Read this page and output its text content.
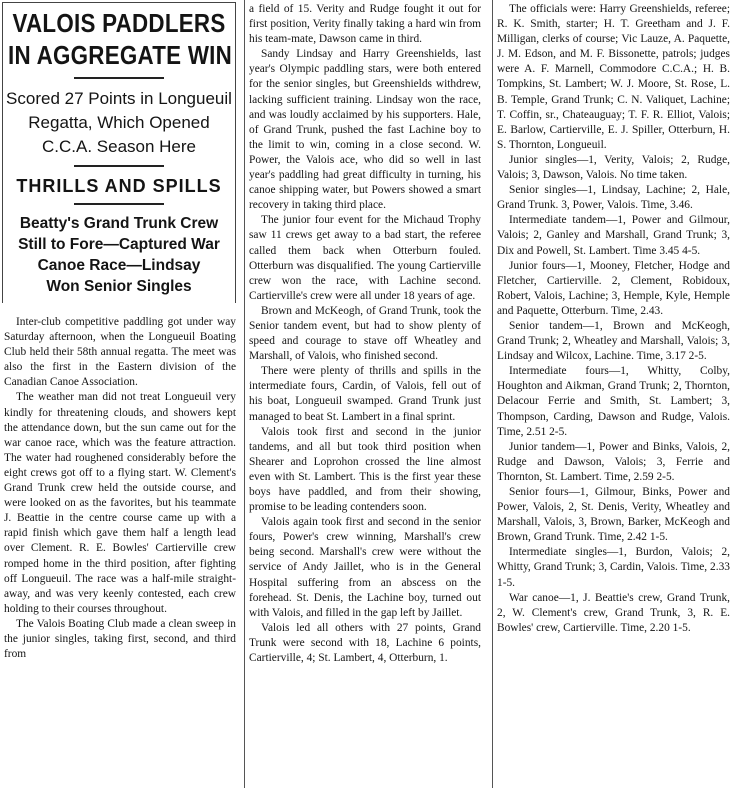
VALOIS PADDLERS
IN AGGREGATE WIN
Scored 27 Points in Longueuil
Regatta, Which Opened
C.C.A. Season Here
THRILLS AND SPILLS
Beatty's Grand Trunk Crew
Still to Fore—Captured War
Canoe Race—Lindsay
Won Senior Singles

Inter-club competitive paddling got under way Saturday afternoon, when the Longueuil Boating Club held their 58th annual regatta. The meet was also the first in the Eastern division of the Canadian Canoe Association.

The weather man did not treat Longueuil very kindly for threatening clouds, and showers kept the attendance down, but the sun came out for the war canoe race, which was the feature attraction. The water had roughened considerably before the eight crews got off to a flying start. W. Clement's Grand Trunk crew held the outside course, and were looked on as the favorites, but his teammate J. Beattie in the centre course came up with a rapid finish which gave them half a length lead over Clement. R. E. Bowles' Cartierville crew romped home in the third position, after fighting off Longueuil. The race was a half-mile straight-away, and was very keenly contested, each crew holding to their courses throughout.

The Valois Boating Club made a clean sweep in the junior singles, taking first, second, and third from

a field of 15. Verity and Rudge fought it out for first position, Verity finally taking a hard win from his team-mate, Dawson came in third.

Sandy Lindsay and Harry Greenshields, last year's Olympic paddling stars, were both entered for the senior singles, but Greenshields withdrew, lacking sufficient training. Lindsay won the race, and was loudly acclaimed by his supporters. Hale, of Grand Trunk, pushed the fast Lachine boy to the limit to win, coming in a close second. W. Power, the Valois ace, who did so well in last year's paddling had great difficulty in turning, his canoe shipping water, but Powers showed a smart recovery in taking third place.

The junior four event for the Michaud Trophy saw 11 crews get away to a bad start, the referee called them back when Otterburn fouled. Otterburn was disqualified. The young Cartierville crew won the race, with Lachine second. Cartierville's crew were all under 18 years of age.

Brown and McKeogh, of Grand Trunk, took the Senior tandem event, but had to show plenty of speed and courage to stave off Wheatley and Marshall, of Valois, who finished second.

There were plenty of thrills and spills in the intermediate fours, Cardin, of Valois, fell out of his boat, Longueuil swamped. Grand Trunk just managed to beat St. Lambert in a final sprint.

Valois took first and second in the junior tandems, and all but took third position when Shearer and Loprohon crossed the line almost even with St. Lambert. This is the first year these boys have paddled, and from their showing, promise to be leading contenders soon.

Valois again took first and second in the senior fours, Power's crew winning, Marshall's crew being second. Marshall's crew were without the service of Andy Jaillet, who is in the General Hospital suffering from an abscess on the forehead. St. Denis, the Lachine boy, turned out with Valois, and filled in the gap left by Jaillet.

Valois led all others with 27 points, Grand Trunk were second with 18, Lachine 6 points, Cartierville, 4; St. Lambert, 4, Otterburn, 1.

The officials were: Harry Greenshields, referee; R. K. Smith, starter; H. T. Greetham and J. F. Milligan, clerks of course; Vic Lauze, A. Paquette, J. M. Edson, and M. F. Bissonette, patrols; judges were A. F. Marnell, Commodore C.C.A.; H. B. Tompkins, St. Lambert; W. J. Moore, St. Rose, L. B. Temple, Grand Trunk; C. N. Valiquet, Lachine; T. Coffin, sr., Chateauguay; T. F. R. Elliot, Valois; E. Barlow, Cartierville, E. J. Spiller, Otterburn, H. S. Thornton, Longueuil.

Junior singles—1, Verity, Valois; 2, Rudge, Valois; 3, Dawson, Valois. No time taken.

Senior singles—1, Lindsay, Lachine; 2, Hale, Grand Trunk. 3, Power, Valois. Time, 3.46.

Intermediate tandem—1, Power and Gilmour, Valois; 2, Ganley and Marshall, Grand Trunk; 3, Dix and Powell, St. Lambert. Time 3.45 4-5.

Junior fours—1, Mooney, Fletcher, Hodge and Fletcher, Cartierville. 2, Clement, Robidoux, Robert, Valois, Lachine; 3, Hemple, Kyle, Hemple and Paquette, Otterburn. Time, 2.43.

Senior tandem—1, Brown and McKeogh, Grand Trunk; 2, Wheatley and Marshall, Valois; 3, Lindsay and Wilcox, Lachine. Time, 3.17 2-5.

Intermediate fours—1, Whitty, Colby, Houghton and Aikman, Grand Trunk; 2, Thornton, Delacour Ferrie and Smith, St. Lambert; 3, Thompson, Carding, Dawson and Rudge, Valois. Time, 2.51 2-5.

Junior tandem—1, Power and Binks, Valois, 2, Rudge and Dawson, Valois; 3, Ferrie and Thornton, St. Lambert. Time, 2.59 2-5.

Senior fours—1, Gilmour, Binks, Power and Power, Valois, 2, St. Denis, Verity, Wheatley and Marshall, Valois, 3, Brown, Barker, McKeogh and Brown, Grand Trunk. Time, 2.42 1-5.

Intermediate singles—1, Burdon, Valois; 2, Whitty, Grand Trunk; 3, Cardin, Valois. Time, 2.33 1-5.

War canoe—1, J. Beattie's crew, Grand Trunk, 2, W. Clement's crew, Grand Trunk, 3, R. E. Bowles' crew, Cartierville. Time, 2.20 1-5.
